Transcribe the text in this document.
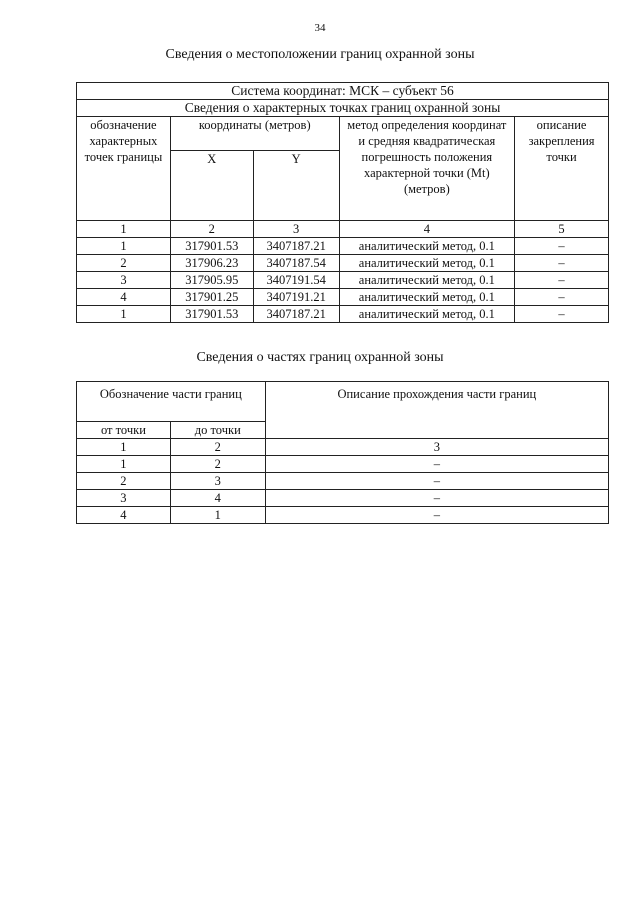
34
Сведения о местоположении границ охранной зоны
Система координат: МСК – субъект 56				
Сведения о характерных точках границ охранной зоны				
обозначение характерных точек границы	координаты (метров)		метод определения координат и средняя квадратическая погрешность положения характерной точки (Mt) (метров)	описание закрепления точки
	X	Y		
1	2	3	4	5
1	317901.53	3407187.21	аналитический метод, 0.1	–
2	317906.23	3407187.54	аналитический метод, 0.1	–
3	317905.95	3407191.54	аналитический метод, 0.1	–
4	317901.25	3407191.21	аналитический метод, 0.1	–
1	317901.53	3407187.21	аналитический метод, 0.1	–
Сведения о частях границ охранной зоны
Обозначение части границ		Описание прохождения части границ
от точки	до точки	
1	2	3
1	2	–
2	3	–
3	4	–
4	1	–
